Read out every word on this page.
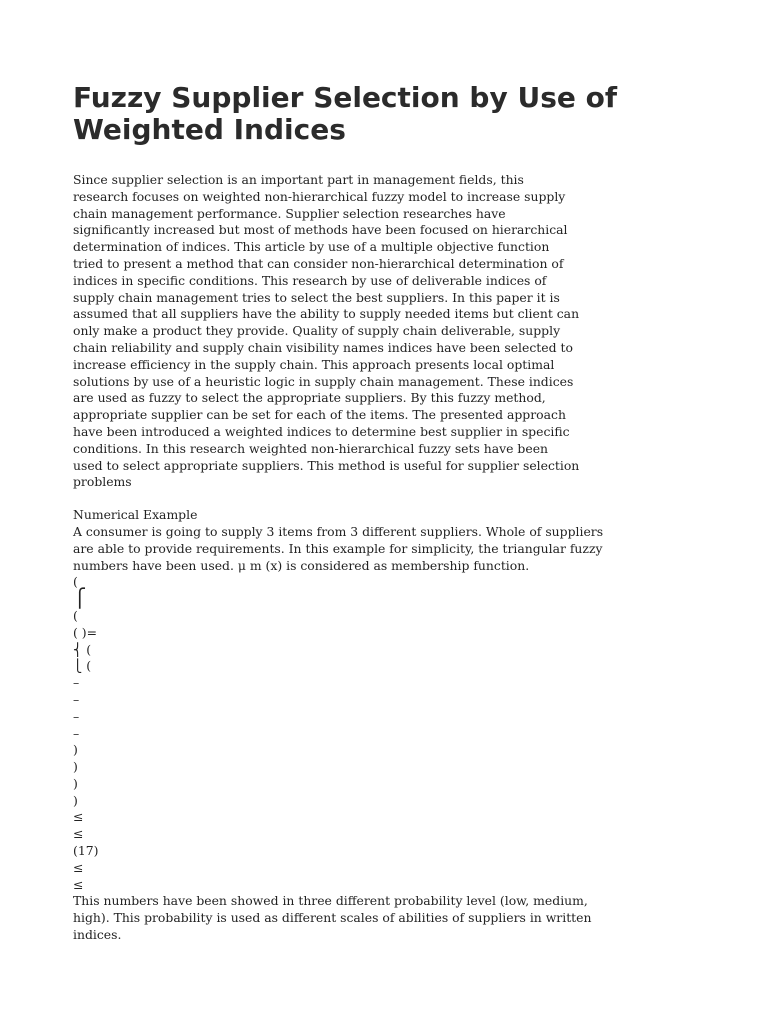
Fuzzy Supplier Selection by Use of
Weighted Indices
Since supplier selection is an important part in management fields, this
research focuses on weighted non-hierarchical fuzzy model to increase supply
chain management performance. Supplier selection researches have
significantly increased but most of methods have been focused on hierarchical
determination of indices. This article by use of a multiple objective function
tried to present a method that can consider non-hierarchical determination of
indices in specific conditions. This research by use of deliverable indices of
supply chain management tries to select the best suppliers. In this paper it is
assumed that all suppliers have the ability to supply needed items but client can
only make a product they provide. Quality of supply chain deliverable, supply
chain reliability and supply chain visibility names indices have been selected to
increase efficiency in the supply chain. This approach presents local optimal
solutions by use of a heuristic logic in supply chain management. These indices
are used as fuzzy to select the appropriate suppliers. By this fuzzy method,
appropriate supplier can be set for each of the items. The presented approach
have been introduced a weighted indices to determine best supplier in specific
conditions. In this research weighted non-hierarchical fuzzy sets have been
used to select appropriate suppliers. This method is useful for supplier selection
problems
Numerical Example
A consumer is going to supply 3 items from 3 different suppliers. Whole of suppliers
are able to provide requirements. In this example for simplicity, the triangular fuzzy
numbers have been used. μ m (x) is considered as membership function.
(
⎧
(
( )=
⎨ (
⎩ (
–
–
–
–
)
)
)
)
≤
≤
(17)
≤
≤
This numbers have been showed in three different probability level (low, medium,
high). This probability is used as different scales of abilities of suppliers in written
indices.
